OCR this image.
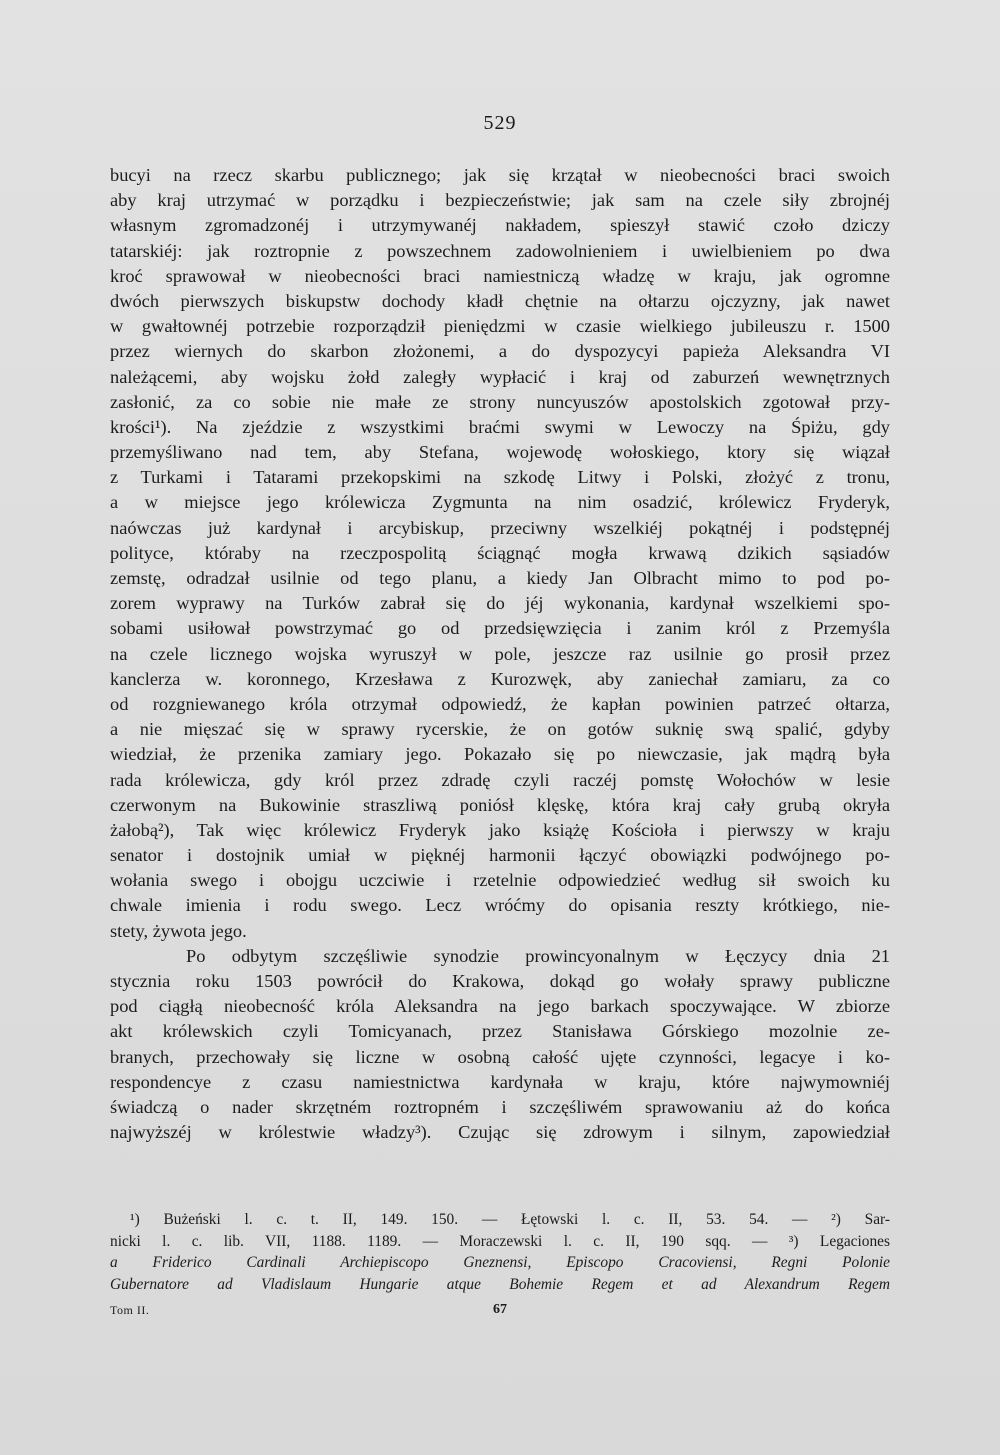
529
bucyi na rzecz skarbu publicznego; jak się krzątał w nieobecności braci swoich
aby kraj utrzymać w porządku i bezpieczeństwie; jak sam na czele siły zbrojnéj
własnym zgromadzonéj i utrzymywanéj nakładem, spieszył stawić czoło dziczy
tatarskiéj: jak roztropnie z powszechnem zadowolnieniem i uwielbieniem po dwa
kroć sprawował w nieobecności braci namiestniczą władzę w kraju, jak ogromne
dwóch pierwszych biskupstw dochody kładł chętnie na ołtarzu ojczyzny, jak nawet
w gwałtownéj potrzebie rozporządził pieniędzmi w czasie wielkiego jubileuszu r. 1500
przez wiernych do skarbon złożonemi, a do dyspozycyi papieża Aleksandra VI
należącemi, aby wojsku żołd zaległy wypłacić i kraj od zaburzeń wewnętrznych
zasłonić, za co sobie nie małe ze strony nuncyuszów apostolskich zgotował przy-
krości¹). Na zjeździe z wszystkimi braćmi swymi w Lewoczy na Śpiżu, gdy
przemyśliwano nad tem, aby Stefana, wojewodę wołoskiego, ktory się wiązał
z Turkami i Tatarami przekopskimi na szkodę Litwy i Polski, złożyć z tronu,
a w miejsce jego królewicza Zygmunta na nim osadzić, królewicz Fryderyk,
naówczas już kardynał i arcybiskup, przeciwny wszelkiéj pokątnéj i podstępnéj
polityce, któraby na rzeczpospolitą ściągnąć mogła krwawą dzikich sąsiadów
zemstę, odradzał usilnie od tego planu, a kiedy Jan Olbracht mimo to pod po-
zorem wyprawy na Turków zabrał się do jéj wykonania, kardynał wszelkiemi spo-
sobami usiłował powstrzymać go od przedsięwzięcia i zanim król z Przemyśla
na czele licznego wojska wyruszył w pole, jeszcze raz usilnie go prosił przez
kanclerza w. koronnego, Krzesława z Kurozwęk, aby zaniechał zamiaru, za co
od rozgniewanego króla otrzymał odpowiedź, że kapłan powinien patrzeć ołtarza,
a nie mięszać się w sprawy rycerskie, że on gotów suknię swą spalić, gdyby
wiedział, że przenika zamiary jego. Pokazało się po niewczasie, jak mądrą była
rada królewicza, gdy król przez zdradę czyli raczéj pomstę Wołochów w lesie
czerwonym na Bukowinie straszliwą poniósł klęskę, która kraj cały grubą okryła
żałobą²), Tak więc królewicz Fryderyk jako książę Kościoła i pierwszy w kraju
senator i dostojnik umiał w pięknéj harmonii łączyć obowiązki podwójnego po-
wołania swego i obojgu uczciwie i rzetelnie odpowiedzieć według sił swoich ku
chwale imienia i rodu swego. Lecz wróćmy do opisania reszty krótkiego, nie-
stety, żywota jego.
Po odbytym szczęśliwie synodzie prowincyonalnym w Łęczycy dnia 21
stycznia roku 1503 powrócił do Krakowa, dokąd go wołały sprawy publiczne
pod ciągłą nieobecność króla Aleksandra na jego barkach spoczywające. W zbiorze
akt królewskich czyli Tomicyanach, przez Stanisława Górskiego mozolnie ze-
branych, przechowały się liczne w osobną całość ujęte czynności, legacye i ko-
respondencye z czasu namiestnictwa kardynała w kraju, które najwymowniéj
świadczą o nader skrzętném roztropném i szczęśliwém sprawowaniu aż do końca
najwyższéj w królestwie władzy³). Czując się zdrowym i silnym, zapowiedział
¹) Bużeński l. c. t. II, 149. 150. — Łętowski l. c. II, 53. 54. — ²) Sar-
nicki l. c. lib. VII, 1188. 1189. — Moraczewski l. c. II, 190 sqq. — ³) Legaciones
a Friderico Cardinali Archiepiscopo Gneznensi, Episcopo Cracoviensi, Regni Polonie
Gubernatore ad Vladislaum Hungarie atque Bohemie Regem et ad Alexandrum Regem
Tom II.	67
